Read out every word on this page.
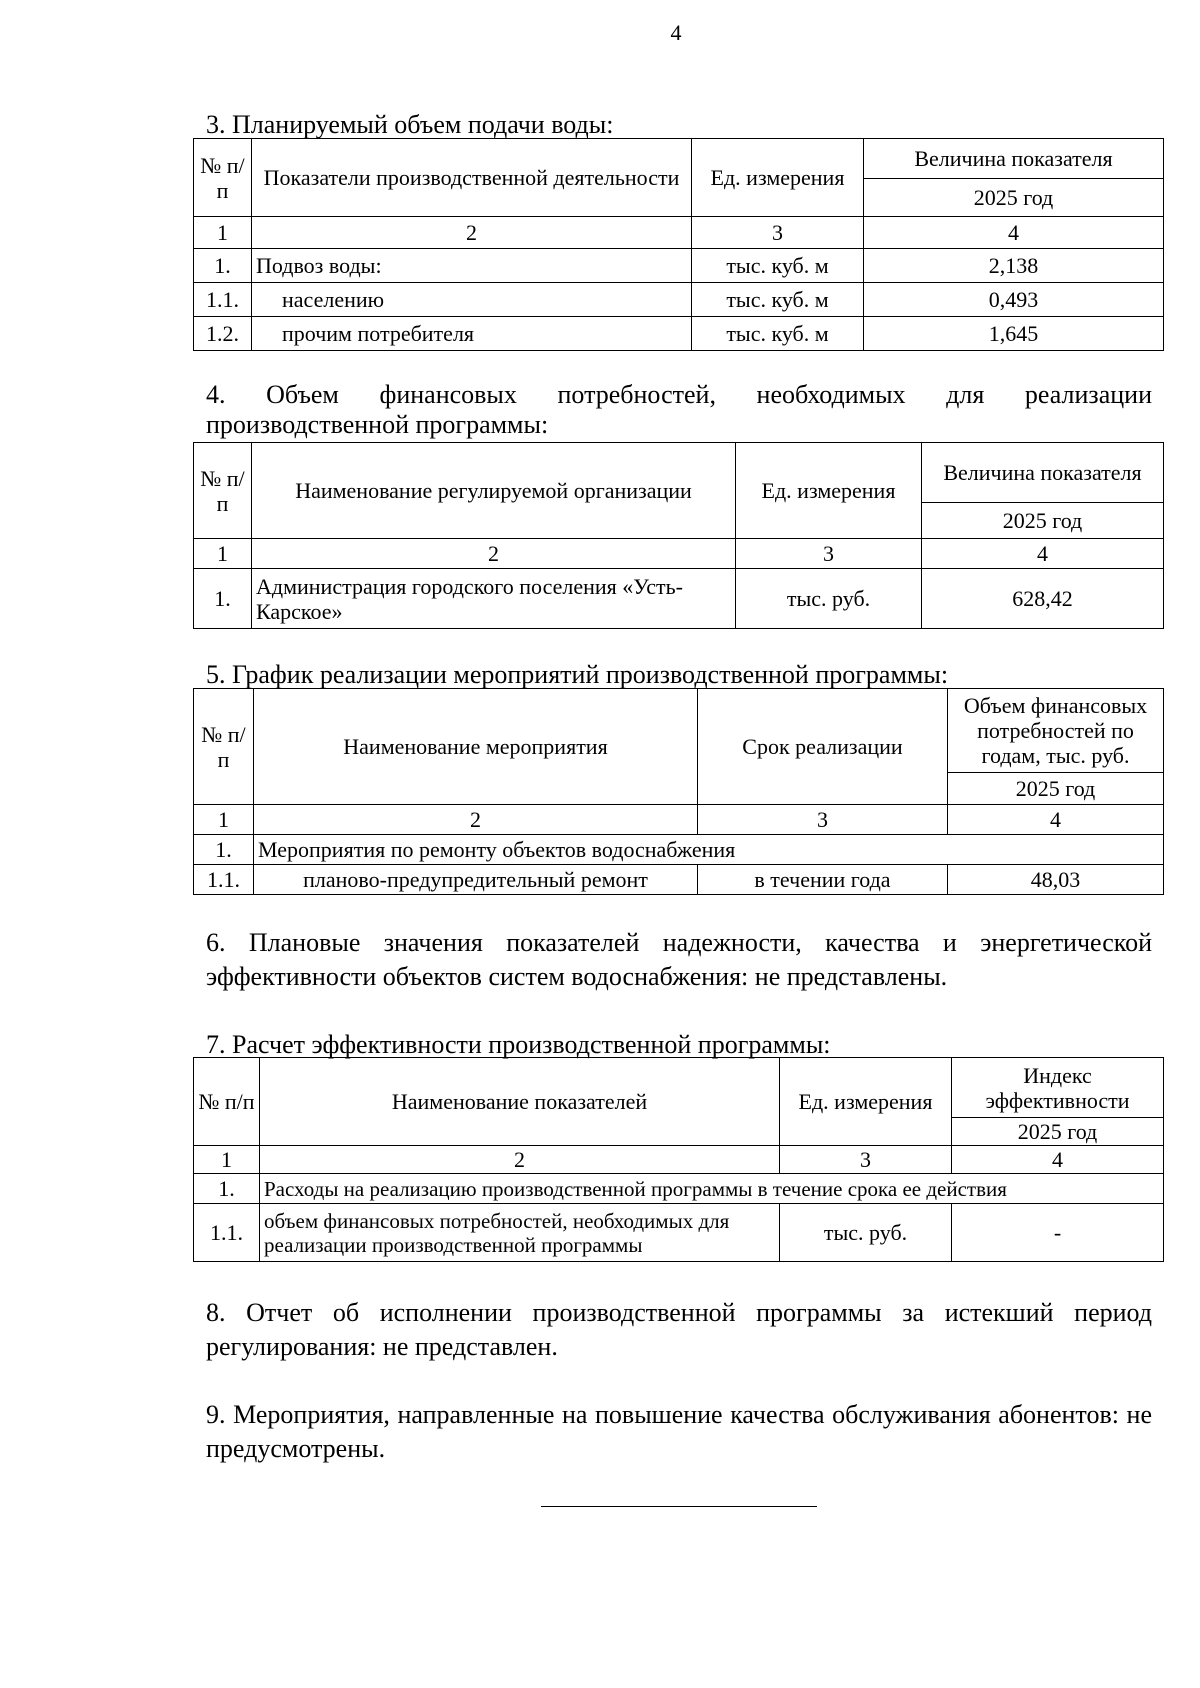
4
3. Планируемый объем подачи воды:
№ п/п	Показатели производственной деятельности	Ед. измерения	Величина показателя
			2025 год
1	2	3	4
1.	Подвоз воды:	тыс. куб. м	2,138
1.1.	населению	тыс. куб. м	0,493
1.2.	прочим потребителя	тыс. куб. м	1,645
4. Объем финансовых потребностей, необходимых для реализации
производственной программы:
№ п/п	Наименование регулируемой организации	Ед. измерения	Величина показателя
			2025 год
1	2	3	4
1.	Администрация городского поселения «Усть-Карское»	тыс. руб.	628,42
5. График реализации мероприятий производственной программы:
№ п/п	Наименование мероприятия	Срок реализации	Объем финансовых потребностей по годам, тыс. руб.
			2025 год
1	2	3	4
1.	Мероприятия по ремонту объектов водоснабжения		
1.1.	планово-предупредительный ремонт	в течении года	48,03
6. Плановые значения показателей надежности, качества и энергетической эффективности объектов систем водоснабжения: не представлены.
7. Расчет эффективности производственной программы:
№ п/п	Наименование показателей	Ед. измерения	Индекс эффективности
			2025 год
1	2	3	4
1.	Расходы на реализацию производственной программы в течение срока ее действия		
1.1.	объем финансовых потребностей, необходимых для реализации производственной программы	тыс. руб.	-
8. Отчет об исполнении производственной программы за истекший период регулирования: не представлен.
9. Мероприятия, направленные на повышение качества обслуживания абонентов: не предусмотрены.
